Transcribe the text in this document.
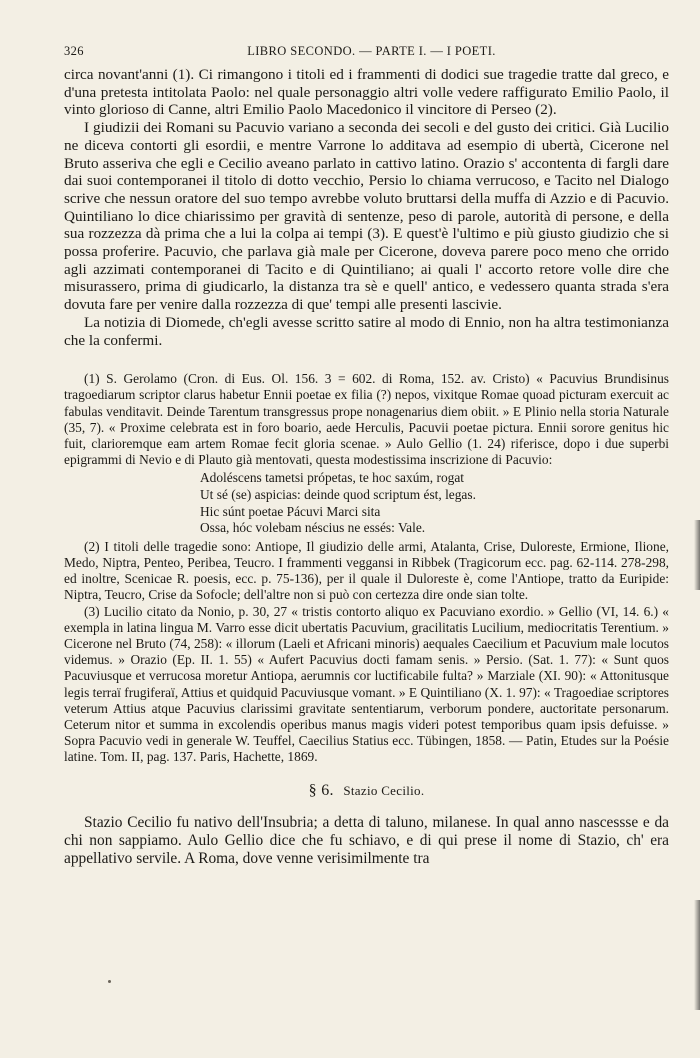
326	LIBRO SECONDO. — PARTE I. — I POETI.

circa novant'anni (1). Ci rimangono i titoli ed i frammenti di dodici sue tragedie tratte dal greco, e d'una pretesta intitolata Paolo: nel quale personaggio altri volle vedere raffigurato Emilio Paolo, il vinto glorioso di Canne, altri Emilio Paolo Macedonico il vincitore di Perseo (2).

I giudizii dei Romani su Pacuvio variano a seconda dei secoli e del gusto dei critici. Già Lucilio ne diceva contorti gli esordii, e mentre Varrone lo additava ad esempio di ubertà, Cicerone nel Bruto asseriva che egli e Cecilio aveano parlato in cattivo latino. Orazio s' accontenta di fargli dare dai suoi contemporanei il titolo di dotto vecchio, Persio lo chiama verrucoso, e Tacito nel Dialogo scrive che nessun oratore del suo tempo avrebbe voluto bruttarsi della muffa di Azzio e di Pacuvio. Quintiliano lo dice chiarissimo per gravità di sentenze, peso di parole, autorità di persone, e della sua rozzezza dà prima che a lui la colpa ai tempi (3). E quest'è l'ultimo e più giusto giudizio che si possa proferire. Pacuvio, che parlava già male per Cicerone, doveva parere poco meno che orrido agli azzimati contemporanei di Tacito e di Quintiliano; ai quali l' accorto retore volle dire che misurassero, prima di giudicarlo, la distanza tra sè e quell' antico, e vedessero quanta strada s'era dovuta fare per venire dalla rozzezza di que' tempi alle presenti lascivie.

La notizia di Diomede, ch'egli avesse scritto satire al modo di Ennio, non ha altra testimonianza che la confermi.

(1) S. Gerolamo (Cron. di Eus. Ol. 156. 3 = 602. di Roma, 152. av. Cristo) « Pacuvius Brundisinus tragoediarum scriptor clarus habetur Ennii poetae ex filia (?) nepos, vixitque Romae quoad picturam exercuit ac fabulas venditavit. Deinde Tarentum transgressus prope nonagenarius diem obiit. » E Plinio nella storia Naturale (35, 7). « Proxime celebrata est in foro boario, aede Herculis, Pacuvii poetae pictura. Ennii sorore genitus hic fuit, clarioremque eam artem Romae fecit gloria scenae. » Aulo Gellio (1. 24) riferisce, dopo i due superbi epigrammi di Nevio e di Plauto già mentovati, questa modestissima inscrizione di Pacuvio:

Adoléscens tametsi própetas, te hoc saxúm, rogat
Ut sé (se) aspicias: deinde quod scriptum ést, legas.
Hic súnt poetae Pácuvi Marci sita
Ossa, hóc volebam néscius ne essés: Vale.

(2) I titoli delle tragedie sono: Antiope, Il giudizio delle armi, Atalanta, Crise, Duloreste, Ermione, Ilione, Medo, Niptra, Penteo, Peribea, Teucro. I frammenti veggansi in Ribbek (Tragicorum ecc. pag. 62-114. 278-298, ed inoltre, Scenicae R. poesis, ecc. p. 75-136), per il quale il Duloreste è, come l'Antiope, tratto da Euripide: Niptra, Teucro, Crise da Sofocle; dell'altre non si può con certezza dire onde sian tolte.

(3) Lucilio citato da Nonio, p. 30, 27 « tristis contorto aliquo ex Pacuviano exordio. » Gellio (VI, 14. 6.) « exempla in latina lingua M. Varro esse dicit ubertatis Pacuvium, gracilitatis Lucilium, mediocritatis Terentium. » Cicerone nel Bruto (74, 258): « illorum (Laeli et Africani minoris) aequales Caecilium et Pacuvium male locutos videmus. » Orazio (Ep. II. 1. 55) « Aufert Pacuvius docti famam senis. » Persio. (Sat. 1. 77): « Sunt quos Pacuviusque et verrucosa moretur Antiopa, aerumnis cor luctificabile fulta? » Marziale (XI. 90): « Attonitusque legis terraï frugiferaï, Attius et quidquid Pacuviusque vomant. » E Quintiliano (X. 1. 97): « Tragoediae scriptores veterum Attius atque Pacuvius clarissimi gravitate sententiarum, verborum pondere, auctoritate personarum. Ceterum nitor et summa in excolendis operibus manus magis videri potest temporibus quam ipsis defuisse. » Sopra Pacuvio vedi in generale W. Teuffel, Caecilius Statius ecc. Tübingen, 1858. — Patin, Etudes sur la Poésie latine. Tom. II, pag. 137. Paris, Hachette, 1869.

§ 6. Stazio Cecilio.

Stazio Cecilio fu nativo dell'Insubria; a detta di taluno, milanese. In qual anno nascessse e da chi non sappiamo. Aulo Gellio dice che fu schiavo, e di qui prese il nome di Stazio, ch' era appellativo servile. A Roma, dove venne verisimilmente tra
